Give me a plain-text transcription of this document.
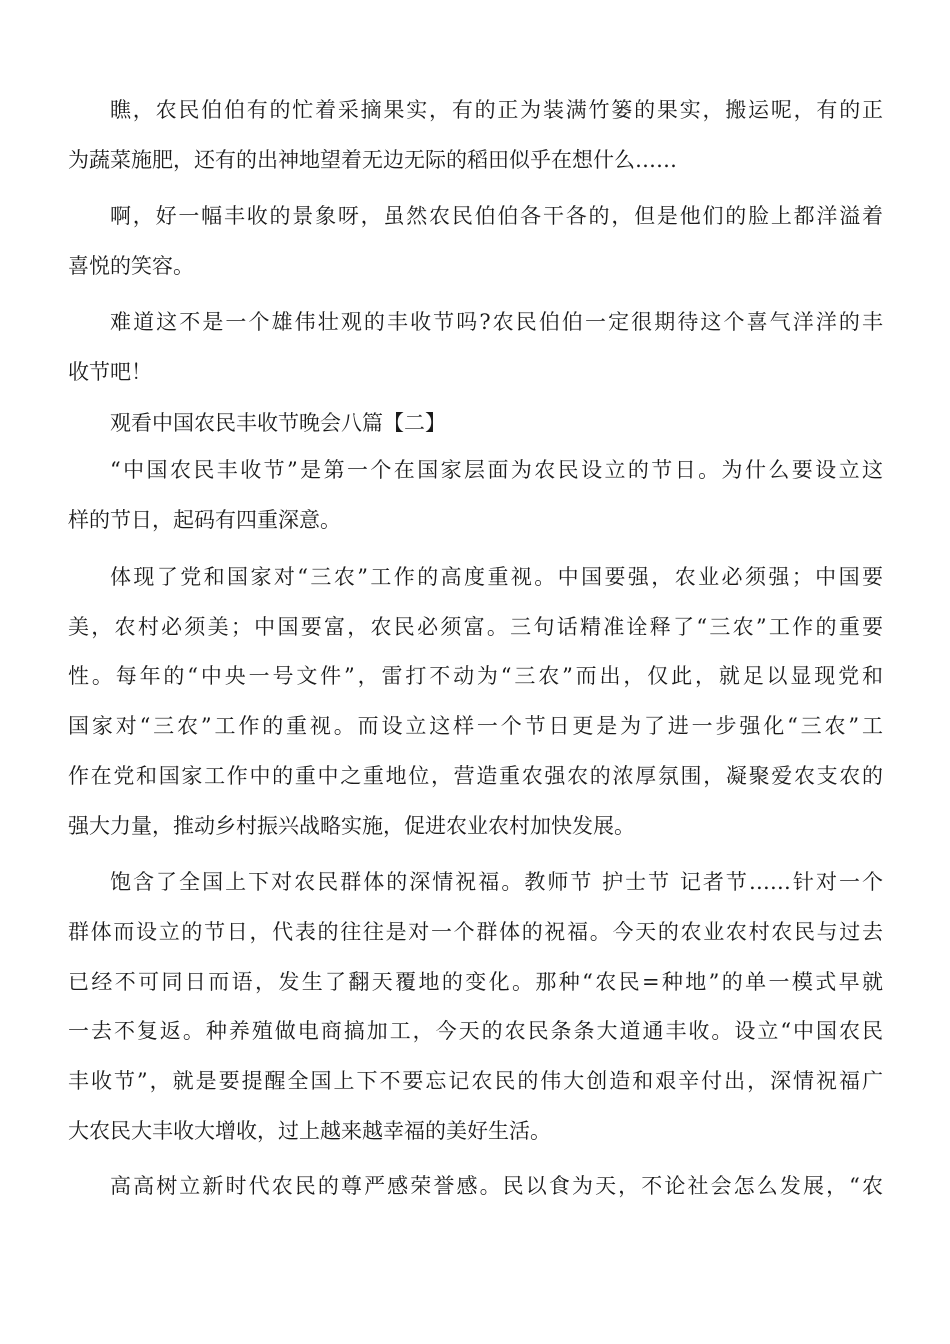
瞧，农民伯伯有的忙着采摘果实，有的正为装满竹篓的果实，搬运呢，有的正

为蔬菜施肥，还有的出神地望着无边无际的稻田似乎在想什么……

啊，好一幅丰收的景象呀，虽然农民伯伯各干各的，但是他们的脸上都洋溢着

喜悦的笑容。

难道这不是一个雄伟壮观的丰收节吗?农民伯伯一定很期待这个喜气洋洋的丰

收节吧！

观看中国农民丰收节晚会八篇【二】

“中国农民丰收节”是第一个在国家层面为农民设立的节日。为什么要设立这

样的节日，起码有四重深意。

体现了党和国家对“三农”工作的高度重视。中国要强，农业必须强；中国要

美，农村必须美；中国要富，农民必须富。三句话精准诠释了“三农”工作的重要

性。每年的“中央一号文件”，雷打不动为“三农”而出，仅此，就足以显现党和

国家对“三农”工作的重视。而设立这样一个节日更是为了进一步强化“三农”工

作在党和国家工作中的重中之重地位，营造重农强农的浓厚氛围，凝聚爱农支农的

强大力量，推动乡村振兴战略实施，促进农业农村加快发展。

饱含了全国上下对农民群体的深情祝福。教师节 护士节 记者节……针对一个

群体而设立的节日，代表的往往是对一个群体的祝福。今天的农业农村农民与过去

已经不可同日而语，发生了翻天覆地的变化。那种“农民=种地”的单一模式早就

一去不复返。种养殖做电商搞加工，今天的农民条条大道通丰收。设立“中国农民

丰收节”，就是要提醒全国上下不要忘记农民的伟大创造和艰辛付出，深情祝福广

大农民大丰收大增收，过上越来越幸福的美好生活。

高高树立新时代农民的尊严感荣誉感。民以食为天，不论社会怎么发展，“农
